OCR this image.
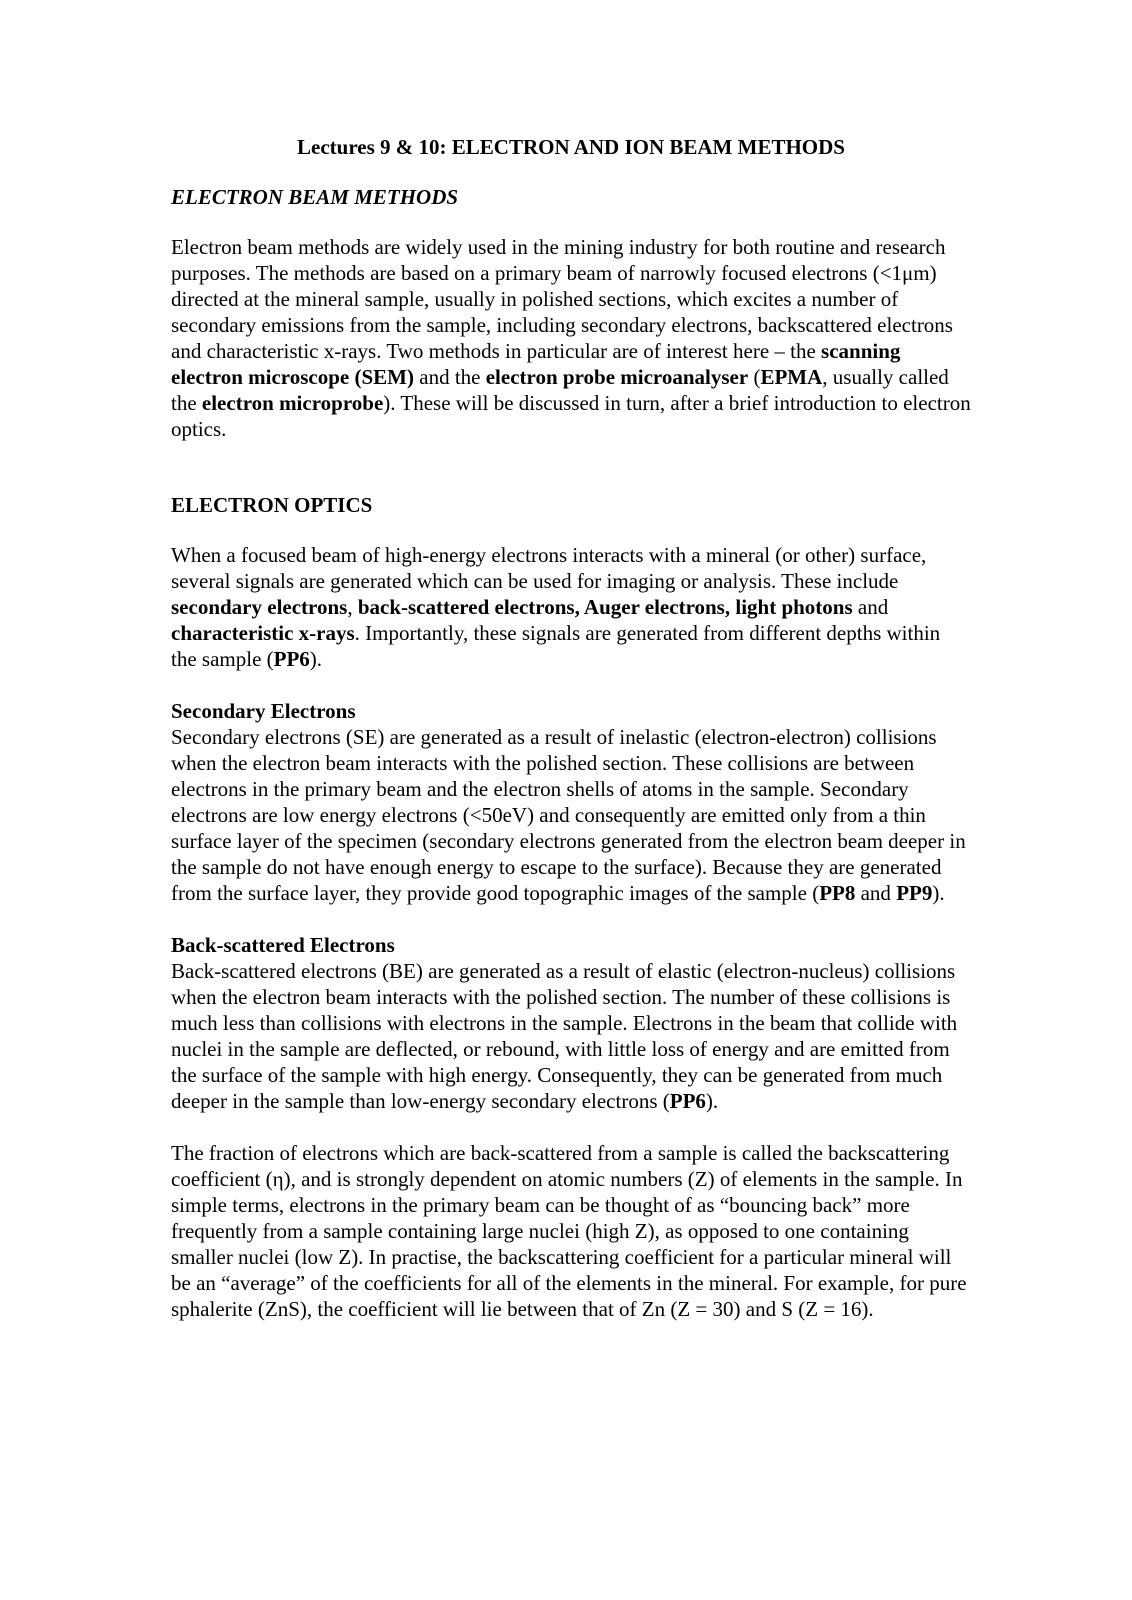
Lectures 9 & 10: ELECTRON AND ION BEAM METHODS
ELECTRON BEAM METHODS

Electron beam methods are widely used in the mining industry for both routine and research purposes. The methods are based on a primary beam of narrowly focused electrons (<1μm) directed at the mineral sample, usually in polished sections, which excites a number of secondary emissions from the sample, including secondary electrons, backscattered electrons and characteristic x-rays. Two methods in particular are of interest here – the scanning electron microscope (SEM) and the electron probe microanalyser (EPMA, usually called the electron microprobe). These will be discussed in turn, after a brief introduction to electron optics.

ELECTRON OPTICS

When a focused beam of high-energy electrons interacts with a mineral (or other) surface, several signals are generated which can be used for imaging or analysis. These include secondary electrons, back-scattered electrons, Auger electrons, light photons and characteristic x-rays. Importantly, these signals are generated from different depths within the sample (PP6).

Secondary Electrons

Secondary electrons (SE) are generated as a result of inelastic (electron-electron) collisions when the electron beam interacts with the polished section. These collisions are between electrons in the primary beam and the electron shells of atoms in the sample. Secondary electrons are low energy electrons (<50eV) and consequently are emitted only from a thin surface layer of the specimen (secondary electrons generated from the electron beam deeper in the sample do not have enough energy to escape to the surface). Because they are generated from the surface layer, they provide good topographic images of the sample (PP8 and PP9).

Back-scattered Electrons

Back-scattered electrons (BE) are generated as a result of elastic (electron-nucleus) collisions when the electron beam interacts with the polished section. The number of these collisions is much less than collisions with electrons in the sample. Electrons in the beam that collide with nuclei in the sample are deflected, or rebound, with little loss of energy and are emitted from the surface of the sample with high energy. Consequently, they can be generated from much deeper in the sample than low-energy secondary electrons (PP6).

The fraction of electrons which are back-scattered from a sample is called the backscattering coefficient (η), and is strongly dependent on atomic numbers (Z) of elements in the sample. In simple terms, electrons in the primary beam can be thought of as “bouncing back” more frequently from a sample containing large nuclei (high Z), as opposed to one containing smaller nuclei (low Z). In practise, the backscattering coefficient for a particular mineral will be an “average” of the coefficients for all of the elements in the mineral. For example, for pure sphalerite (ZnS), the coefficient will lie between that of Zn (Z = 30) and S (Z = 16).
